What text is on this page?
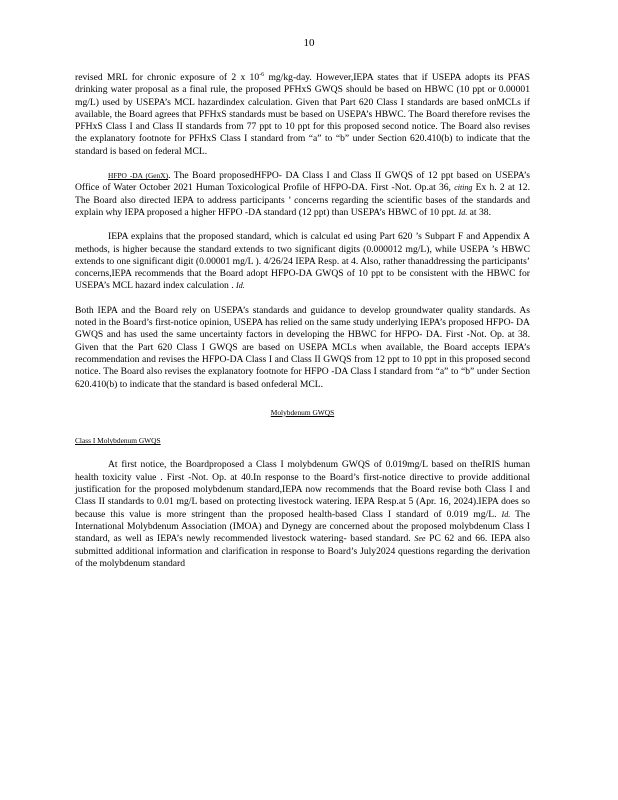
10

revised MRL for chronic exposure of 2 x $10^{-6}$ mg/kg-day. However,IEPA states that if USEPA adopts its PFAS drinking water proposal as a final rule, the proposed PFHxS GWQS should be based on HBWC (10 ppt or 0.00001 mg/L) used by USEPA’s MCL hazardindex calculation. Given that Part 620 Class I standards are based onMCLs if available, the Board agrees that PFHxS standards must be based on USEPA’s HBWC. The Board therefore revises the PFHxS Class I and Class II standards from 77 ppt to 10 ppt for this proposed second notice. The Board also revises the explanatory footnote for PFHxS Class I standard from “a” to “b” under Section 620.410(b) to indicate that the standard is based on federal MCL.

HFPO -DA (GenX). The Board proposedHFPO- DA Class I and Class II GWQS of 12 ppt based on USEPA’s Office of Water October 2021 Human Toxicological Profile of HFPO-DA. First -Not. Op.at 36, citing Ex h. 2 at 12. The Board also directed IEPA to address participants ’ concerns regarding the scientific bases of the standards and explain why IEPA proposed a higher HFPO -DA standard (12 ppt) than USEPA’s HBWC of 10 ppt. Id. at 38.

IEPA explains that the proposed standard, which is calculat ed using Part 620 ’s Subpart F and Appendix A methods, is higher because the standard extends to two significant digits (0.000012 mg/L), while USEPA ’s HBWC extends to one significant digit (0.00001 mg/L ). 4/26/24 IEPA Resp. at 4. Also, rather thanaddressing the participants’ concerns,IEPA recommends that the Board adopt HFPO-DA GWQS of 10 ppt to be consistent with the HBWC for USEPA’s MCL hazard index calculation . Id.

Both IEPA and the Board rely on USEPA’s standards and guidance to develop groundwater quality standards. As noted in the Board’s first-notice opinion, USEPA has relied on the same study underlying IEPA’s proposed HFPO- DA GWQS and has used the same uncertainty factors in developing the HBWC for HFPO- DA. First -Not. Op. at 38. Given that the Part 620 Class I GWQS are based on USEPA MCLs when available, the Board accepts IEPA’s recommendation and revises the HFPO-DA Class I and Class II GWQS from 12 ppt to 10 ppt in this proposed second notice. The Board also revises the explanatory footnote for HFPO -DA Class I standard from “a” to “b” under Section 620.410(b) to indicate that the standard is based onfederal MCL.

Molybdenum GWQS
Class I Molybdenum GWQS

At first notice, the Boardproposed a Class I molybdenum GWQS of 0.019mg/L based on theIRIS human health toxicity value . First -Not. Op. at 40.In response to the Board’s first-notice directive to provide additional justification for the proposed molybdenum standard,IEPA now recommends that the Board revise both Class I and Class II standards to 0.01 mg/L based on protecting livestock watering. IEPA Resp.at 5 (Apr. 16, 2024).IEPA does so because this value is more stringent than the proposed health-based Class I standard of 0.019 mg/L. Id. The International Molybdenum Association (IMOA) and Dynegy are concerned about the proposed molybdenum Class I standard, as well as IEPA’s newly recommended livestock watering- based standard. See PC 62 and 66. IEPA also submitted additional information and clarification in response to Board’s July2024 questions regarding the derivation of the molybdenum standard
